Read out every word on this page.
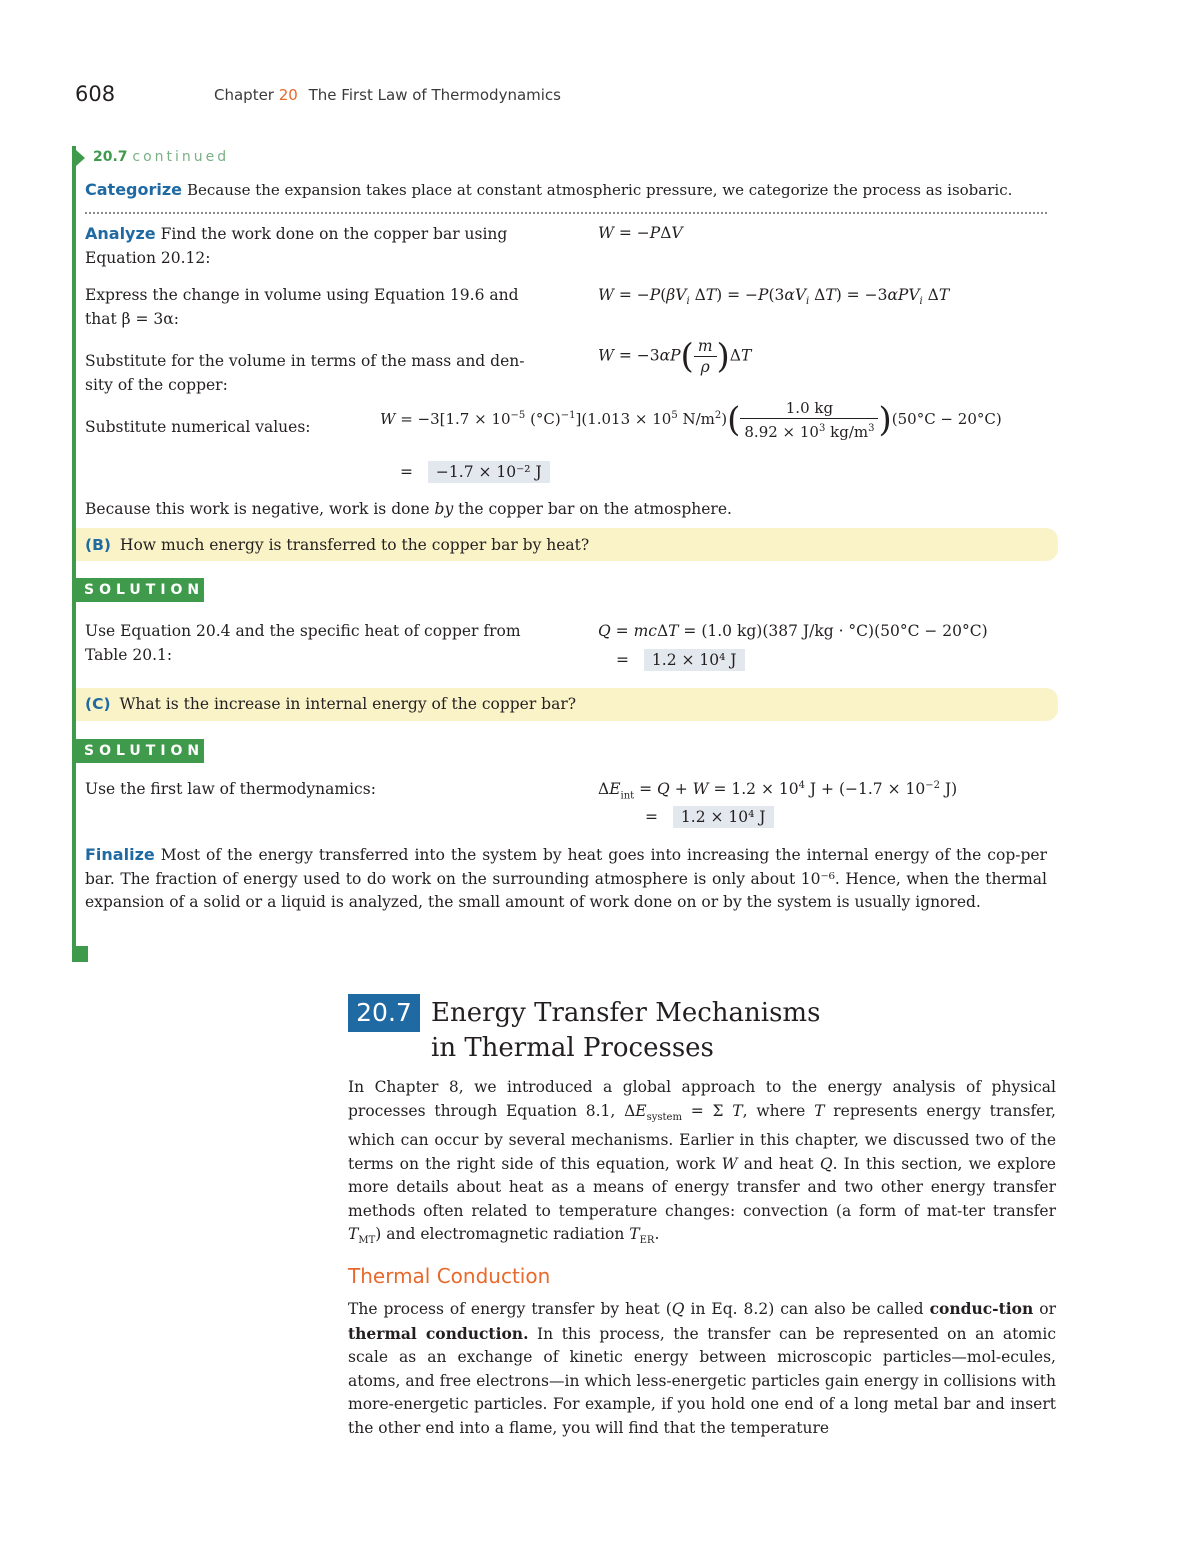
608	Chapter 20 The First Law of Thermodynamics
20.7 continued
Categorize Because the expansion takes place at constant atmospheric pressure, we categorize the process as isobaric.
Analyze Find the work done on the copper bar using Equation 20.12:
W = −PΔV
Express the change in volume using Equation 19.6 and that β = 3α:
$W = -P(\beta V_i$ $\Delta T) = -P(3\alpha V_i$ ΔT) = −3αPV$_i$ ΔT
Substitute for the volume in terms of the mass and den-sity of the copper:
$W = -3\alpha P( \frac{m}{\rho} )\Delta T$
Substitute numerical values:	$W = -3[1.7 \times 10^{-5}$ $(^\circ C)^{-1}](1.013 \times 10^5$ $N/m^2)( \frac{1.0 kg}{8.92 \times 10^3 kg/m^3} )(50^\circ C - 20^\circ C)$
= −1.7 × 10⁻² J
Because this work is negative, work is done by the copper bar on the atmosphere.
(B) How much energy is transferred to the copper bar by heat?
SOLUTION
Use Equation 20.4 and the specific heat of copper from Table 20.1:
Q = mcΔT = (1.0 kg)(387 J/kg · °C)(50°C − 20°C)
= 1.2 × 10⁴ J
(C) What is the increase in internal energy of the copper bar?
SOLUTION
Use the first law of thermodynamics:	$\Delta E_{int} = Q + W = 1.2 \times 10^4$ $J + (-1.7 \times 10^{-2}$ J)
= 1.2 × 10⁴ J
Finalize Most of the energy transferred into the system by heat goes into increasing the internal energy of the cop-per bar. The fraction of energy used to do work on the surrounding atmosphere is only about 10⁻⁶. Hence, when the thermal expansion of a solid or a liquid is analyzed, the small amount of work done on or by the system is usually ignored.
20.7 Energy Transfer Mechanisms
in Thermal Processes
In Chapter 8, we introduced a global approach to the energy analysis of physical processes through Equation 8.1, $\Delta E_{system} = \Sigma$ T, where T represents energy transfer, which can occur by several mechanisms. Earlier in this chapter, we discussed two of the terms on the right side of this equation, work W and heat Q. In this section, we explore more details about heat as a means of energy transfer and two other energy transfer methods often related to temperature changes: convection (a form of mat-ter transfer $T_{MT}$) and electromagnetic radiation $T_{ER}$.
Thermal Conduction
The process of energy transfer by heat (Q in Eq. 8.2) can also be called conduc-tion or thermal conduction. In this process, the transfer can be represented on an atomic scale as an exchange of kinetic energy between microscopic particles—mol-ecules, atoms, and free electrons—in which less-energetic particles gain energy in collisions with more-energetic particles. For example, if you hold one end of a long metal bar and insert the other end into a flame, you will find that the temperature
